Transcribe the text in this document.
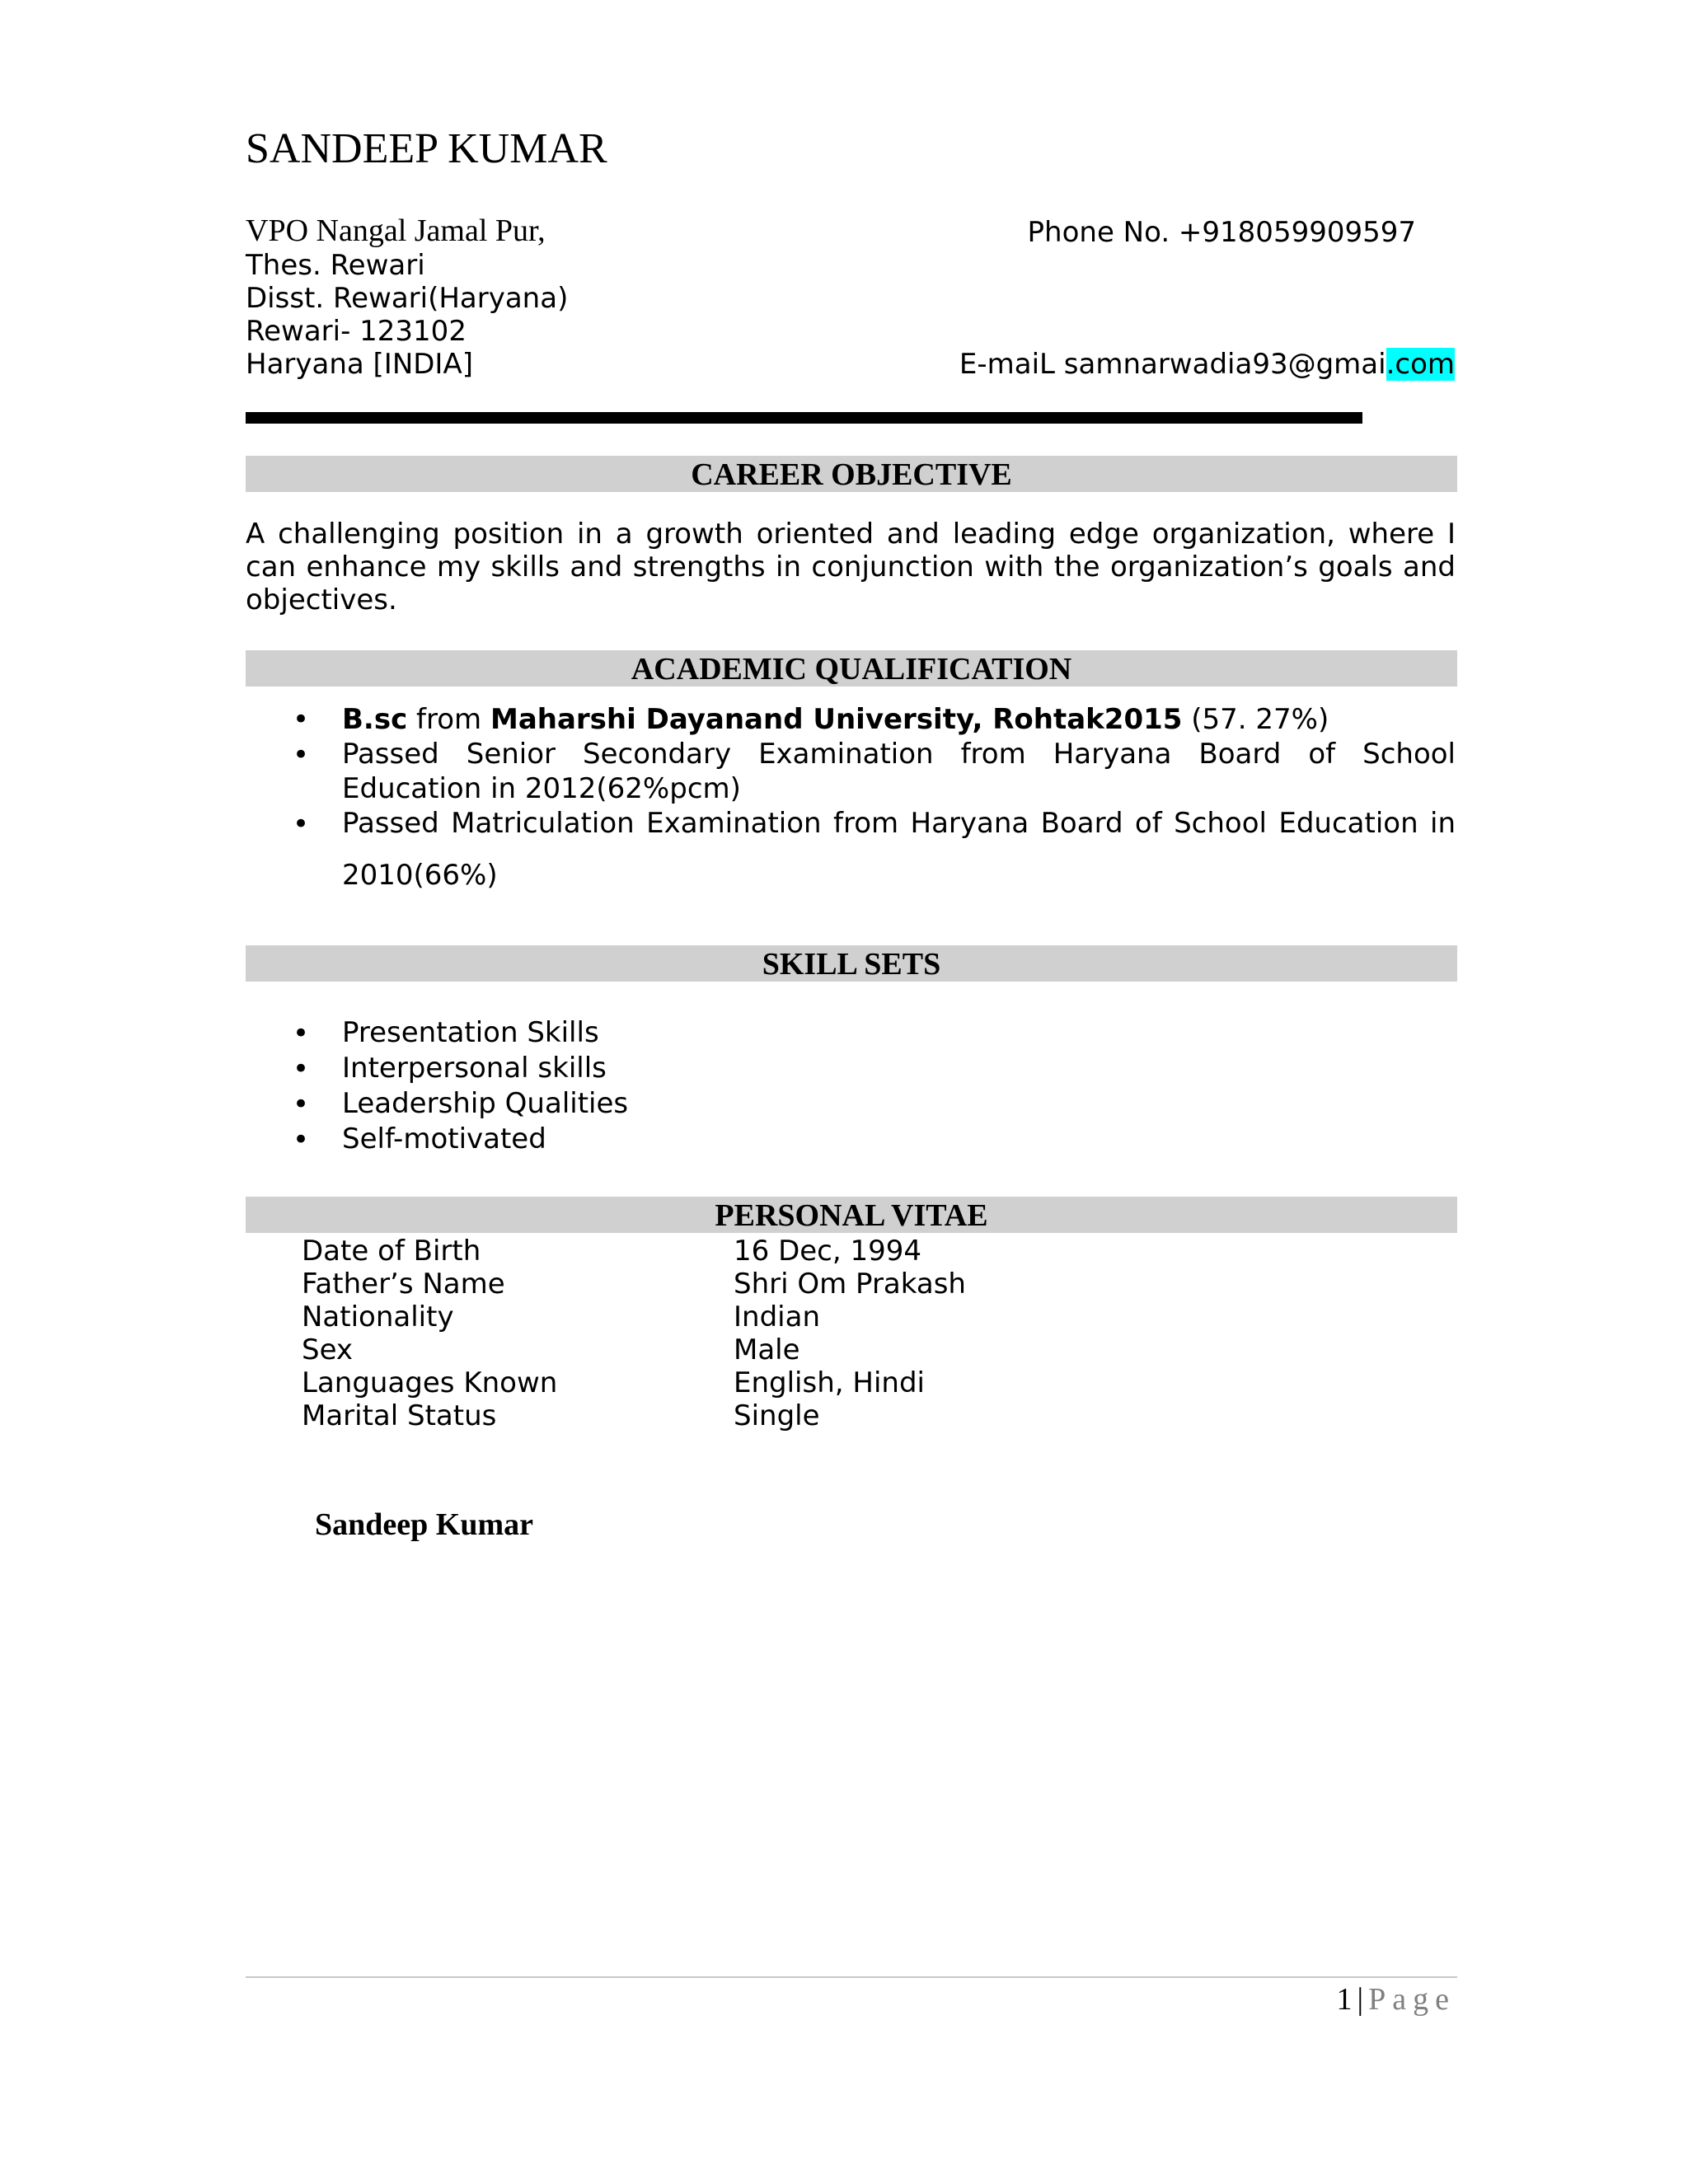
SANDEEP KUMAR
VPO Nangal Jamal Pur,
Thes. Rewari
Disst. Rewari(Haryana)
Rewari- 123102
Haryana [INDIA]
Phone No. +918059909597
E-maiL samnarwadia93@gmai.com
CAREER OBJECTIVE
A challenging position in a growth oriented and leading edge organization, where I can enhance my skills and strengths in conjunction with the organization’s goals and objectives.
ACADEMIC QUALIFICATION
• B.sc from Maharshi Dayanand University, Rohtak2015 (57. 27%)
• Passed Senior Secondary Examination from Haryana Board of School Education in 2012(62%pcm)
• Passed Matriculation Examination from Haryana Board of School Education in
2010(66%)
SKILL SETS
• Presentation Skills
• Interpersonal skills
• Leadership Qualities
• Self-motivated
PERSONAL VITAE
Date of Birth	16 Dec, 1994
Father’s Name	Shri Om Prakash
Nationality	Indian
Sex	Male
Languages Known	English, Hindi
Marital Status	Single
Sandeep Kumar
1 | Page
